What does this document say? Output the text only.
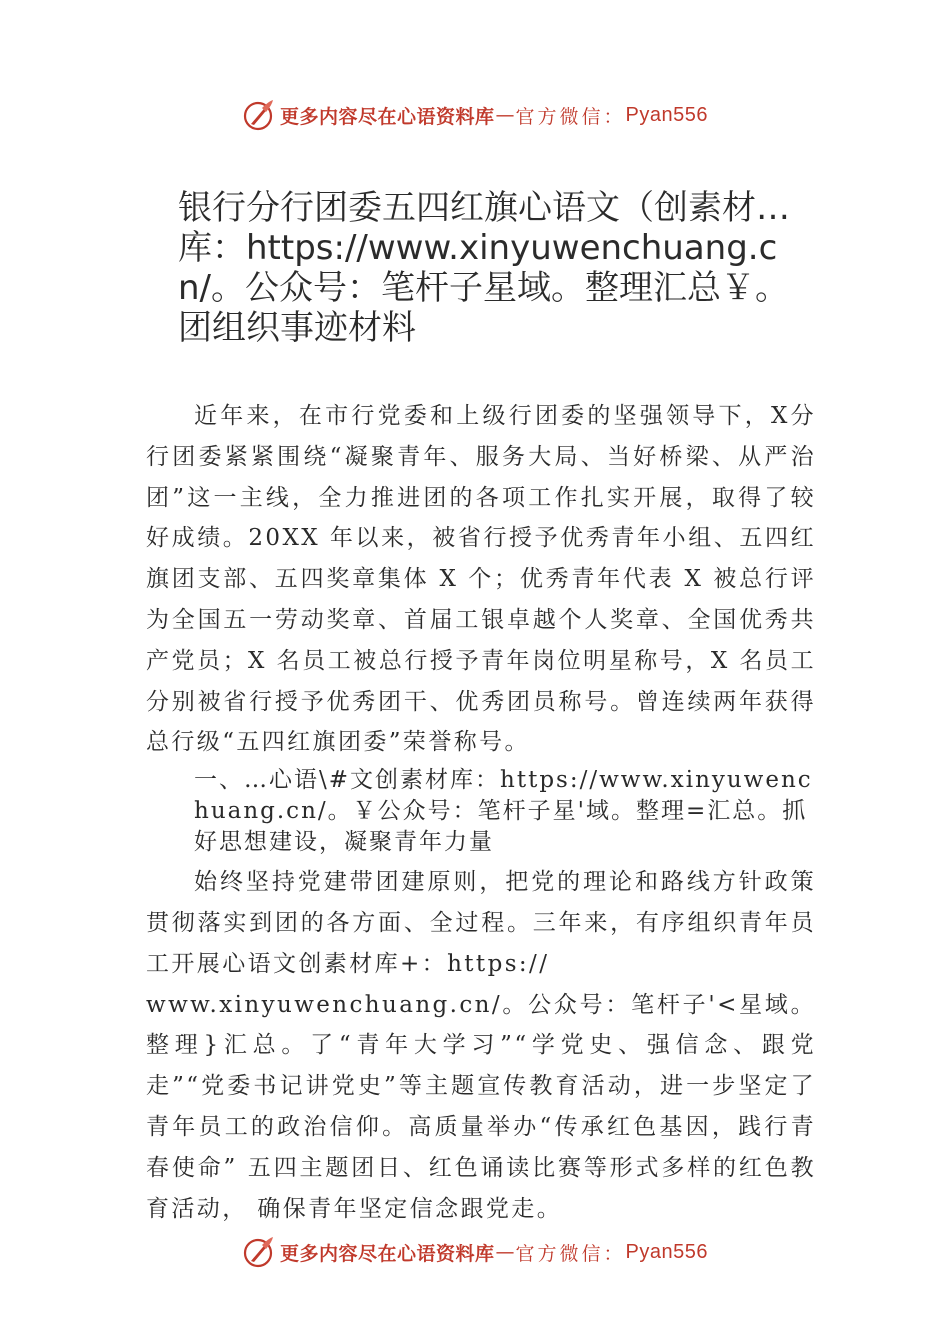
更多内容尽在心语资料库 — 官方微信： Pyan556
银行分行团委五四红旗心语文（创素材…库：https://www.xinyuwenchuang.cn/。公众号：笔杆子星域。整理汇总￥。团组织事迹材料

近年来，在市行党委和上级行团委的坚强领导下，X分行团委紧紧围绕“凝聚青年、服务大局、当好桥梁、从严治团”这一主线，全力推进团的各项工作扎实开展，取得了较好成绩。20XX 年以来，被省行授予优秀青年小组、五四红旗团支部、五四奖章集体 X 个；优秀青年代表 X 被总行评为全国五一劳动奖章、首届工银卓越个人奖章、全国优秀共产党员；X 名员工被总行授予青年岗位明星称号，X 名员工分别被省行授予优秀团干、优秀团员称号。曾连续两年获得总行级“五四红旗团委”荣誉称号。

一、…心语\#文创素材库：https://www.xinyuwenchuang.cn/。￥公众号：笔杆子星'域。整理=汇总。抓好思想建设，凝聚青年力量

始终坚持党建带团建原则，把党的理论和路线方针政策贯彻落实到团的各方面、全过程。三年来，有序组织青年员工开展心语文创素材库+：https://

www.xinyuwenchuang.cn/。公众号：笔杆子'<星域。整理}汇总。了“青年大学习”“学党史、强信念、跟党走”“党委书记讲党史”等主题宣传教育活动，进一步坚定了青年员工的政治信仰。高质量举办“传承红色基因，践行青春使命” 五四主题团日、红色诵读比赛等形式多样的红色教育活动， 确保青年坚定信念跟党走。

更多内容尽在心语资料库 — 官方微信： Pyan556
